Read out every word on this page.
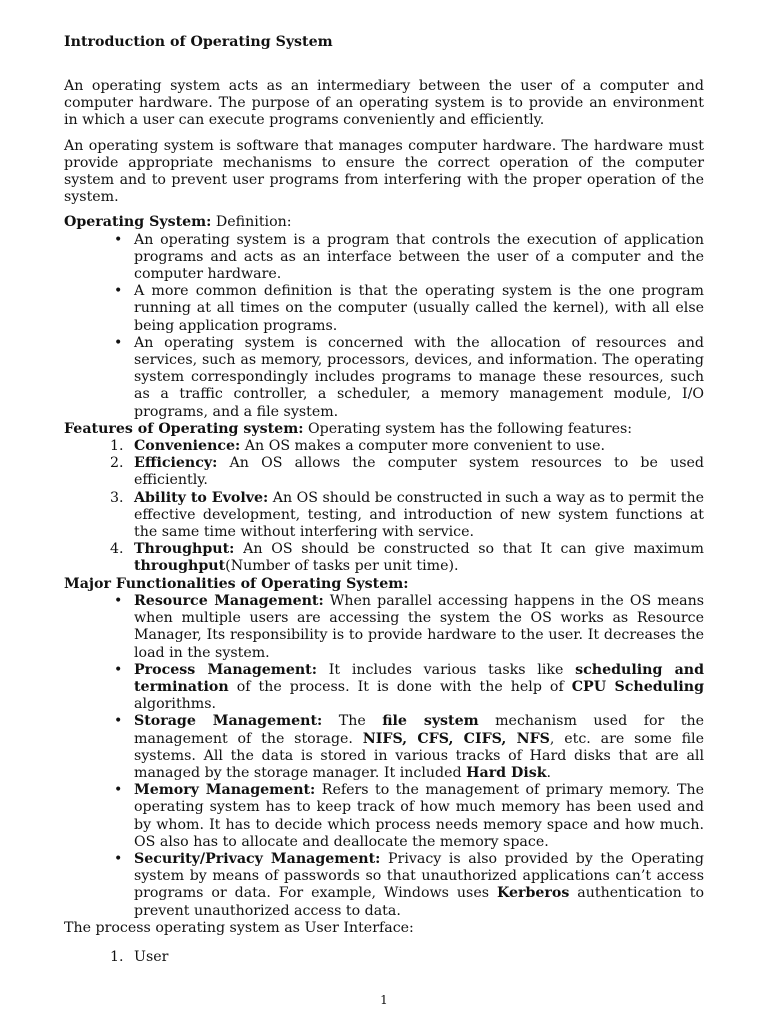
Introduction of Operating System

An operating system acts as an intermediary between the user of a computer and computer hardware. The purpose of an operating system is to provide an environment in which a user can execute programs conveniently and efficiently.

An operating system is software that manages computer hardware. The hardware must provide appropriate mechanisms to ensure the correct operation of the computer system and to prevent user programs from interfering with the proper operation of the system.

Operating System: Definition:
• An operating system is a program that controls the execution of application programs and acts as an interface between the user of a computer and the computer hardware.
• A more common definition is that the operating system is the one program running at all times on the computer (usually called the kernel), with all else being application programs.
• An operating system is concerned with the allocation of resources and services, such as memory, processors, devices, and information. The operating system correspondingly includes programs to manage these resources, such as a traffic controller, a scheduler, a memory management module, I/O programs, and a file system.
Features of Operating system: Operating system has the following features:
1. Convenience: An OS makes a computer more convenient to use.
2. Efficiency: An OS allows the computer system resources to be used efficiently.
3. Ability to Evolve: An OS should be constructed in such a way as to permit the effective development, testing, and introduction of new system functions at the same time without interfering with service.
4. Throughput: An OS should be constructed so that It can give maximum throughput(Number of tasks per unit time).
Major Functionalities of Operating System:
• Resource Management: When parallel accessing happens in the OS means when multiple users are accessing the system the OS works as Resource Manager, Its responsibility is to provide hardware to the user. It decreases the load in the system.
• Process Management: It includes various tasks like scheduling and termination of the process. It is done with the help of CPU Scheduling algorithms.
• Storage Management: The file system mechanism used for the management of the storage. NIFS, CFS, CIFS, NFS, etc. are some file systems. All the data is stored in various tracks of Hard disks that are all managed by the storage manager. It included Hard Disk.
• Memory Management: Refers to the management of primary memory. The operating system has to keep track of how much memory has been used and by whom. It has to decide which process needs memory space and how much. OS also has to allocate and deallocate the memory space.
• Security/Privacy Management: Privacy is also provided by the Operating system by means of passwords so that unauthorized applications can’t access programs or data. For example, Windows uses Kerberos authentication to prevent unauthorized access to data.
The process operating system as User Interface:
1. User
1
